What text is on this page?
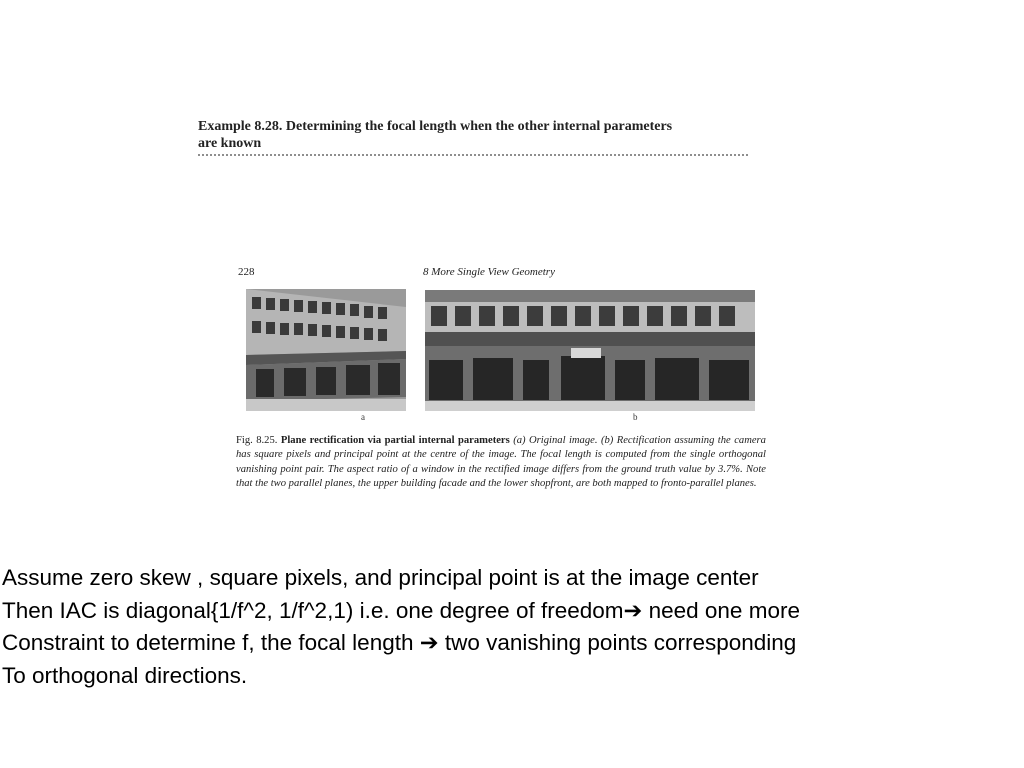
Example 8.28. Determining the focal length when the other internal parameters
are known
228	8 More Single View Geometry
a	b
Fig. 8.25. Plane rectification via partial internal parameters (a) Original image. (b) Rectification assuming the camera has square pixels and principal point at the centre of the image. The focal length is computed from the single orthogonal vanishing point pair. The aspect ratio of a window in the rectified image differs from the ground truth value by 3.7%. Note that the two parallel planes, the upper building facade and the lower shopfront, are both mapped to fronto-parallel planes.
Assume zero skew , square pixels, and principal point is at the image center
Then IAC is diagonal{1/f^2, 1/f^2,1) i.e. one degree of freedom➔ need one more
Constraint to determine f, the focal length ➔ two vanishing points corresponding
To orthogonal directions.
